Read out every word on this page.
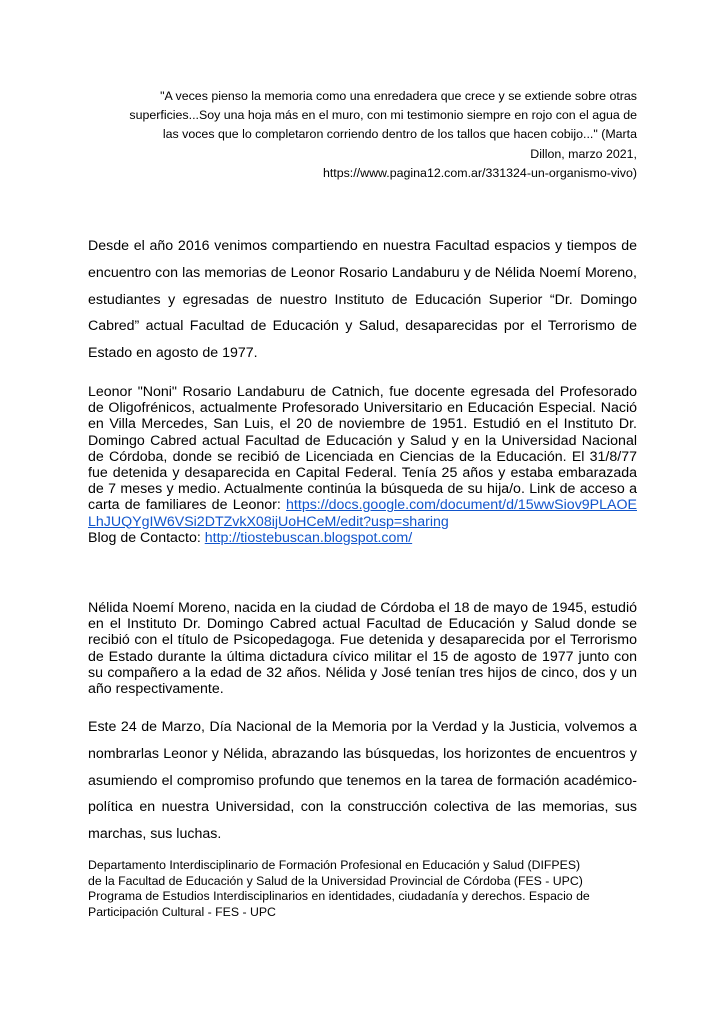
"A veces pienso la memoria como una enredadera que crece y se extiende sobre otras
superficies...Soy una hoja más en el muro, con mi testimonio siempre en rojo con el agua de
las voces que lo completaron corriendo dentro de los tallos que hacen cobijo..." (Marta
Dillon, marzo 2021,
https://www.pagina12.com.ar/331324-un-organismo-vivo)

Desde el año 2016 venimos compartiendo en nuestra Facultad espacios y tiempos de encuentro con las memorias de Leonor Rosario Landaburu y de Nélida Noemí Moreno, estudiantes y egresadas de nuestro Instituto de Educación Superior “Dr. Domingo Cabred” actual Facultad de Educación y Salud, desaparecidas por el Terrorismo de Estado en agosto de 1977.

Leonor "Noni" Rosario Landaburu de Catnich, fue docente egresada del Profesorado de Oligofrénicos, actualmente Profesorado Universitario en Educación Especial. Nació en Villa Mercedes, San Luis, el 20 de noviembre de 1951. Estudió en el Instituto Dr. Domingo Cabred actual Facultad de Educación y Salud y en la Universidad Nacional de Córdoba, donde se recibió de Licenciada en Ciencias de la Educación. El 31/8/77 fue detenida y desaparecida en Capital Federal. Tenía 25 años y estaba embarazada de 7 meses y medio. Actualmente continúa la búsqueda de su hija/o. Link de acceso a carta de familiares de Leonor: https://docs.google.com/document/d/15wwSiov9PLAOELhJUQYgIW6VSi2DTZvkX08ijUoHCeM/edit?usp=sharing
Blog de Contacto: http://tiostebuscan.blogspot.com/

Nélida Noemí Moreno, nacida en la ciudad de Córdoba el 18 de mayo de 1945, estudió en el Instituto Dr. Domingo Cabred actual Facultad de Educación y Salud donde se recibió con el título de Psicopedagoga. Fue detenida y desaparecida por el Terrorismo de Estado durante la última dictadura cívico militar el 15 de agosto de 1977 junto con su compañero a la edad de 32 años. Nélida y José tenían tres hijos de cinco, dos y un año respectivamente.

Este 24 de Marzo, Día Nacional de la Memoria por la Verdad y la Justicia, volvemos a nombrarlas Leonor y Nélida, abrazando las búsquedas, los horizontes de encuentros y asumiendo el compromiso profundo que tenemos en la tarea de formación académico-política en nuestra Universidad, con la construcción colectiva de las memorias, sus marchas, sus luchas.

Departamento Interdisciplinario de Formación Profesional en Educación y Salud (DIFPES)
de la Facultad de Educación y Salud de la Universidad Provincial de Córdoba (FES - UPC)
Programa de Estudios Interdisciplinarios en identidades, ciudadanía y derechos. Espacio de
Participación Cultural - FES - UPC
